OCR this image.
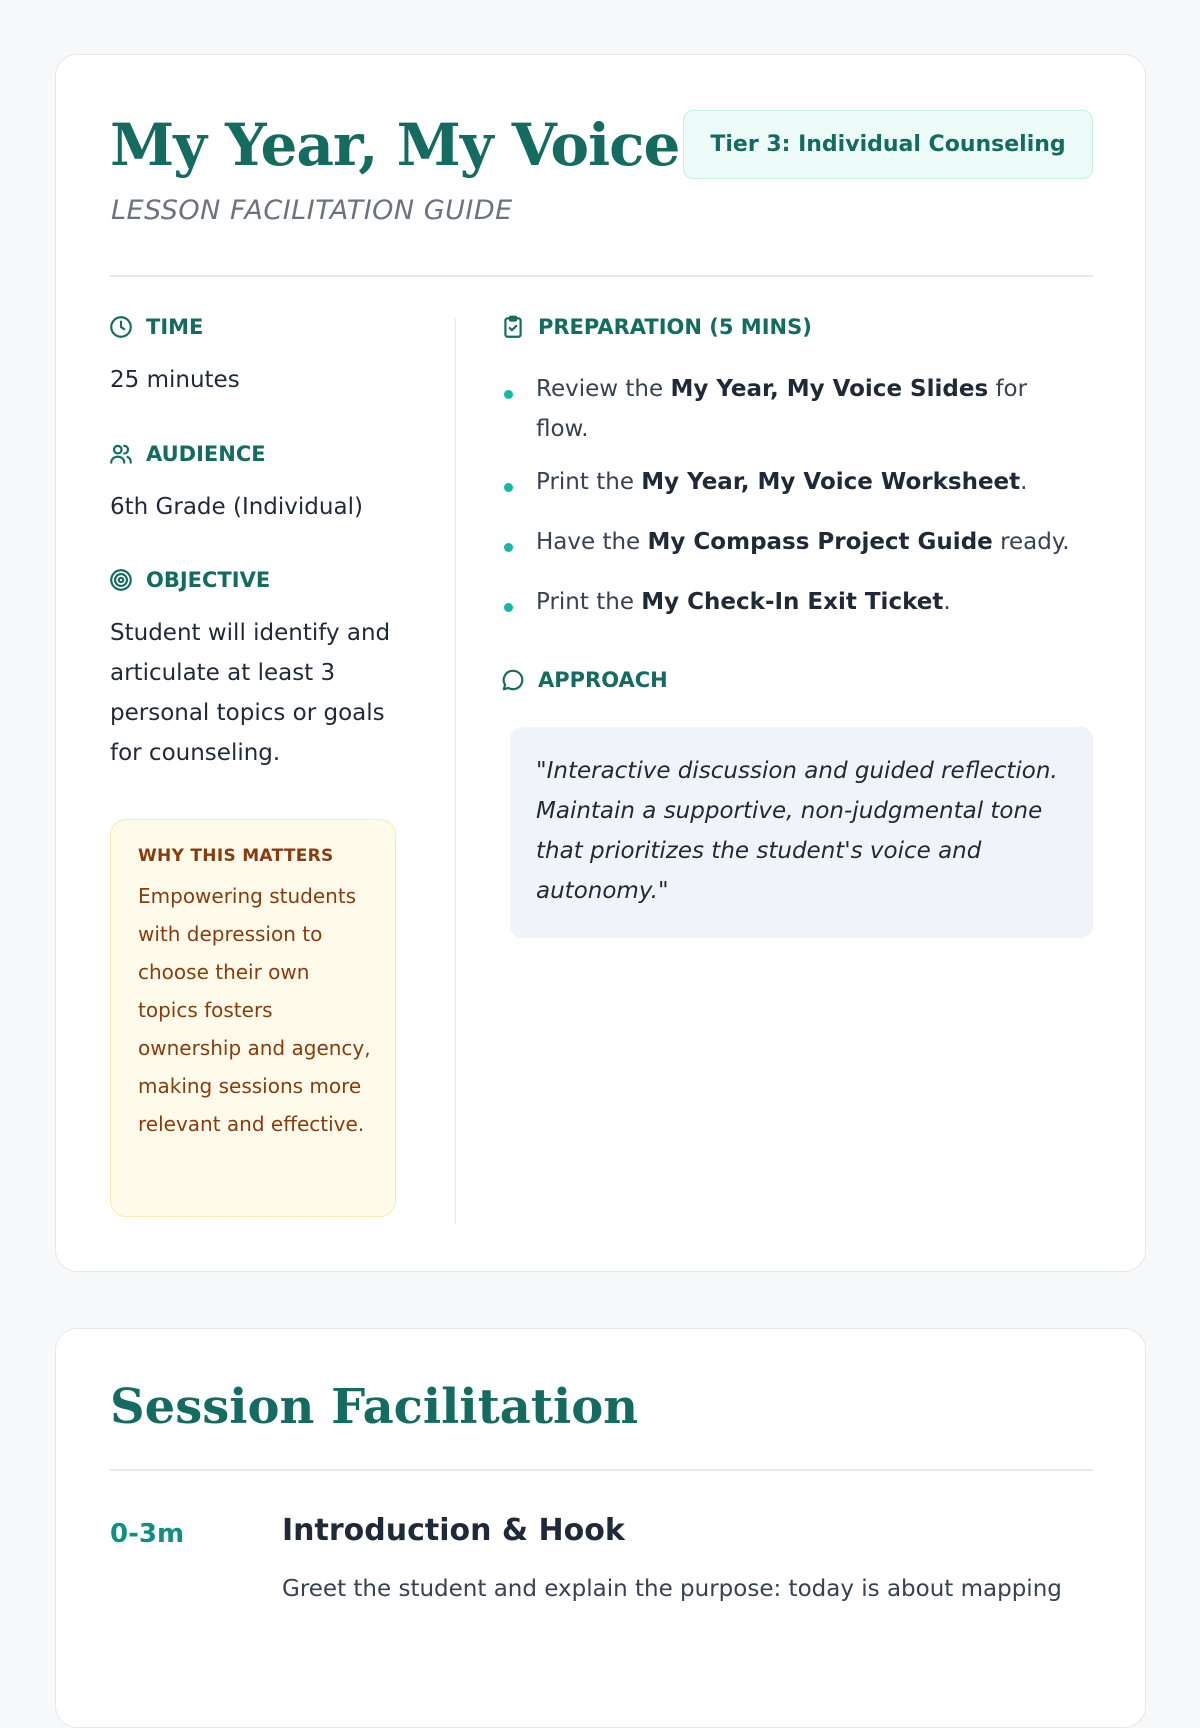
My Year, My Voice
LESSON FACILITATION GUIDE
Tier 3: Individual Counseling
TIME
25 minutes
AUDIENCE
6th Grade (Individual)
OBJECTIVE
Student will identify and articulate at least 3 personal topics or goals for counseling.
WHY THIS MATTERS
Empowering students with depression to choose their own topics fosters ownership and agency, making sessions more relevant and effective.
PREPARATION (5 MINS)
Review the My Year, My Voice Slides for flow.
Print the My Year, My Voice Worksheet.
Have the My Compass Project Guide ready.
Print the My Check-In Exit Ticket.
APPROACH
"Interactive discussion and guided reflection. Maintain a supportive, non-judgmental tone that prioritizes the student's voice and autonomy."
Session Facilitation
0-3m	Introduction & Hook
Greet the student and explain the purpose: today is about mapping
